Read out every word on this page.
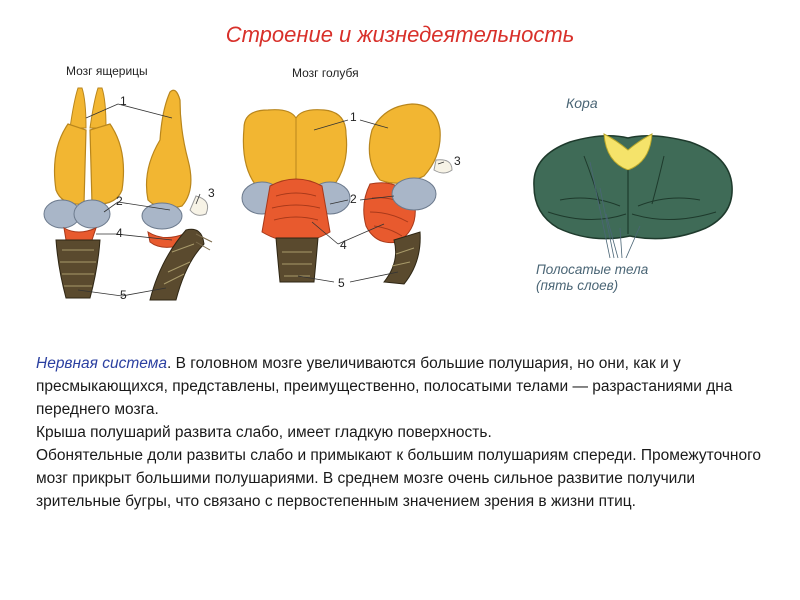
Строение и жизнедеятельность
Мозг ящерицы	Мозг голубя
1
2
3
4
5
1
2
3
4
5
Кора
Полосатые тела
(пять слоев)

Нервная система. В головном мозге увеличиваются большие полушария, но они, как и у пресмыкающихся, представлены, преимущественно, полосатыми телами — разрастаниями дна переднего мозга.

Крыша полушарий развита слабо, имеет гладкую поверхность.

Обонятельные доли развиты слабо и примыкают к большим полушариям спереди. Промежуточного мозг прикрыт большими полушариями. В среднем мозге очень сильное развитие получили зрительные бугры, что связано с первостепенным значением зрения в жизни птиц.
